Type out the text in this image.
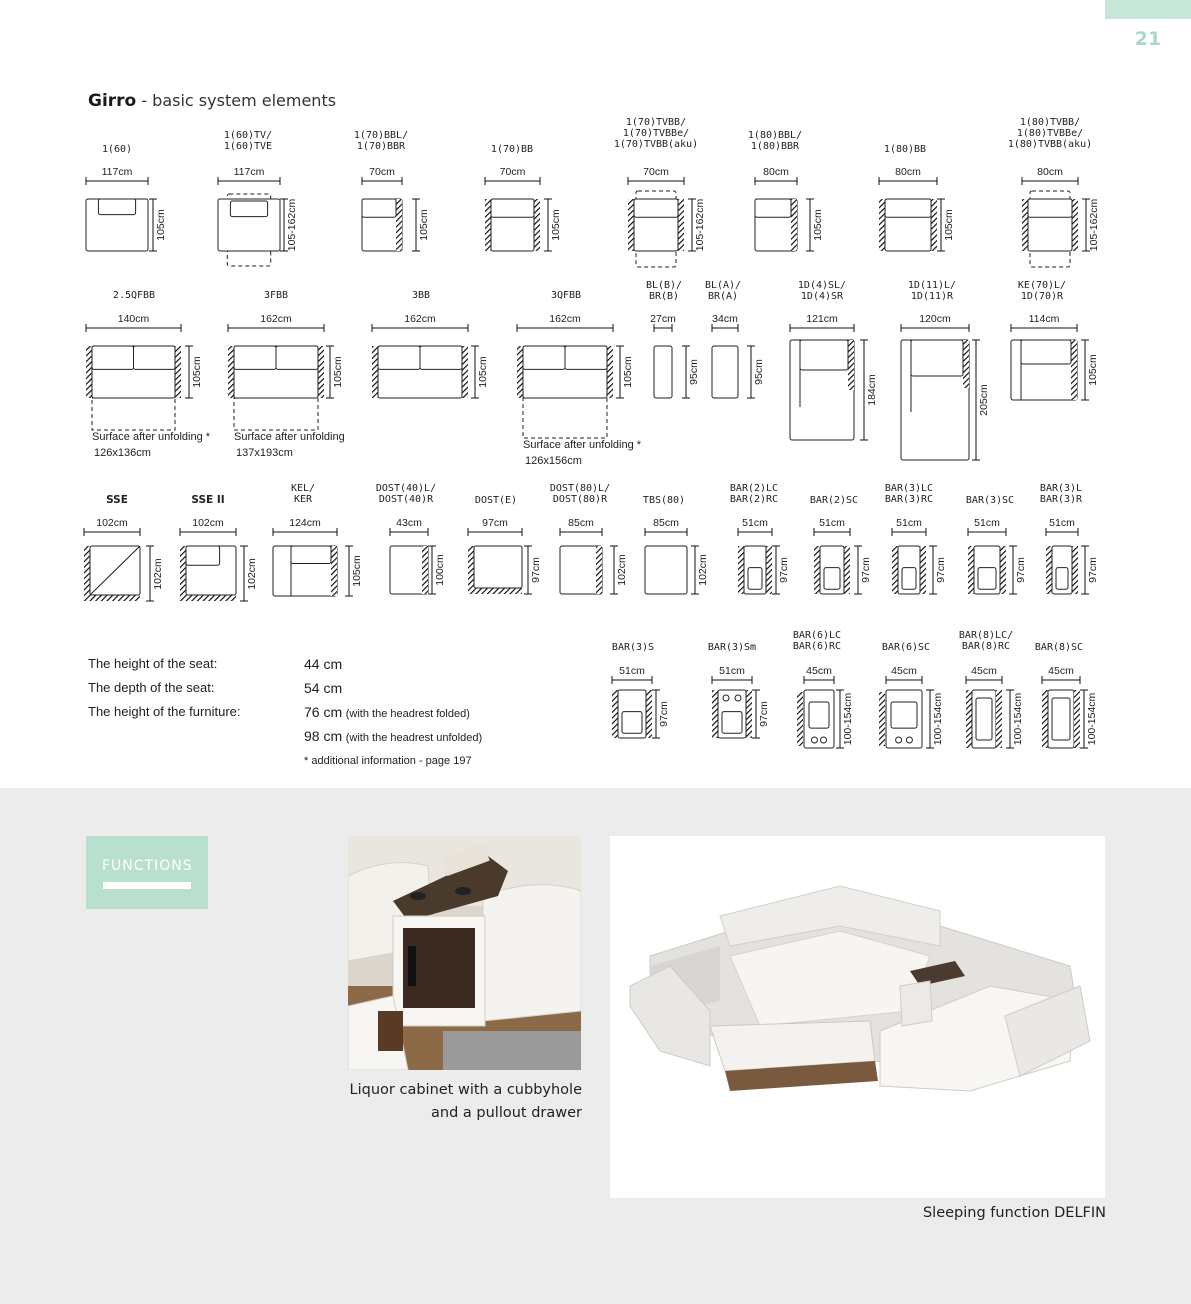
21
Girro - basic system elements
1(60)
117cm
105cm
1(60)TV/
1(60)TVE
117cm
105-162cm
1(70)BBL/
1(70)BBR
70cm
105cm
1(70)BB
70cm
105cm
1(70)TVBB/
1(70)TVBBe/
1(70)TVBB(aku)
70cm
105-162cm
1(80)BBL/
1(80)BBR
80cm
105cm
1(80)BB
80cm
105cm
1(80)TVBB/
1(80)TVBBe/
1(80)TVBB(aku)
80cm
105-162cm
2.5QFBB
140cm
105cm
Surface after unfolding *
126x136cm
3FBB
162cm
105cm
Surface after unfolding
137x193cm
3BB
162cm
105cm
3QFBB
162cm
105cm
Surface after unfolding *
126x156cm
BL(B)/
BR(B)
27cm
95cm
BL(A)/
BR(A)
34cm
95cm
1D(4)SL/
1D(4)SR
121cm
184cm
1D(11)L/
1D(11)R
120cm
205cm
KE(70)L/
1D(70)R
114cm
105cm
SSE
102cm
102cm
SSE II
102cm
102cm
KEL/
KER
124cm
105cm
DOST(40)L/
DOST(40)R
43cm
100cm
DOST(E)
97cm
97cm
DOST(80)L/
DOST(80)R
85cm
102cm
TBS(80)
85cm
102cm
BAR(2)LC
BAR(2)RC
51cm
97cm
BAR(2)SC
51cm
97cm
BAR(3)LC
BAR(3)RC
51cm
97cm
BAR(3)SC
51cm
97cm
BAR(3)L
BAR(3)R
51cm
97cm
BAR(3)S
51cm
97cm
BAR(3)Sm
51cm
97cm
BAR(6)LC
BAR(6)RC
45cm
100-154cm
BAR(6)SC
45cm
100-154cm
BAR(8)LC/
BAR(8)RC
45cm
100-154cm
BAR(8)SC
45cm
100-154cm
The height of the seat:	44 cm
The depth of the seat:	54 cm
The height of the furniture:	76 cm (with the headrest folded)
98 cm (with the headrest unfolded)
* additional information - page 197
FUNCTIONS
Liquor cabinet with a cubbyhole
and a pullout drawer
Sleeping function DELFIN
